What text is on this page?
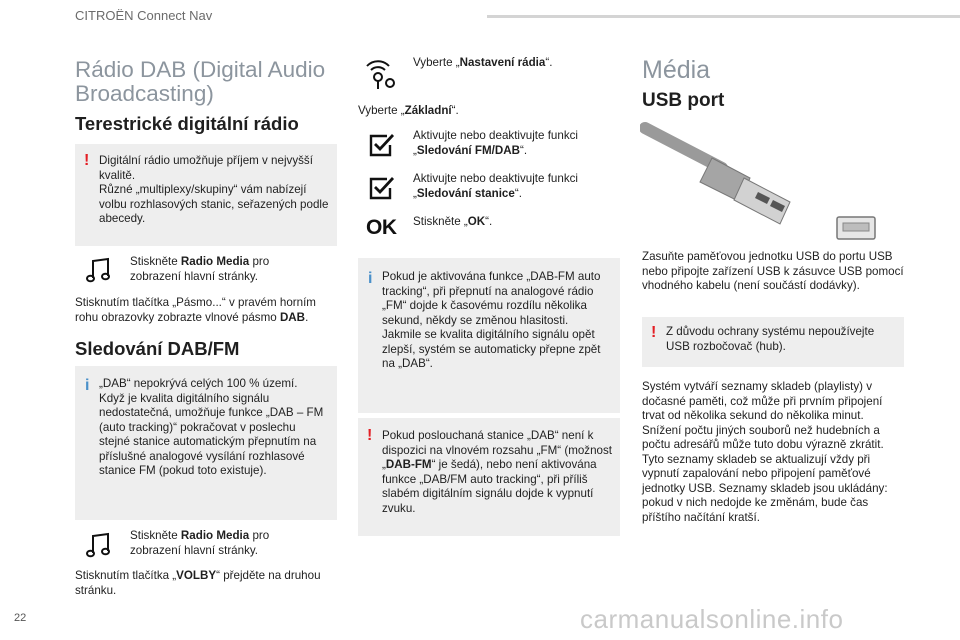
CITROËN Connect Nav
Rádio DAB (Digital Audio Broadcasting)
Terestrické digitální rádio
! Digitální rádio umožňuje příjem v nejvyšší kvalitě.
Různé „multiplexy/skupiny“ vám nabízejí volbu rozhlasových stanic, seřazených podle abecedy.
Stiskněte Radio Media pro zobrazení hlavní stránky.
Stisknutím tlačítka „Pásmo...“ v pravém horním rohu obrazovky zobrazte vlnové pásmo DAB.
Sledování DAB/FM
i „DAB“ nepokrývá celých 100 % území.
Když je kvalita digitálního signálu nedostatečná, umožňuje funkce „DAB – FM (auto tracking)“ pokračovat v poslechu stejné stanice automatickým přepnutím na příslušné analogové vysílání rozhlasové stanice FM (pokud toto existuje).
Stiskněte Radio Media pro zobrazení hlavní stránky.
Stisknutím tlačítka „VOLBY“ přejděte na druhou stránku.
Vyberte „Nastavení rádia“.
Vyberte „Základní“.
Aktivujte nebo deaktivujte funkci „Sledování FM/DAB“.
Aktivujte nebo deaktivujte funkci „Sledování stanice“.
OK Stiskněte „OK“.
i Pokud je aktivována funkce „DAB-FM auto tracking“, při přepnutí na analogové rádio „FM“ dojde k časovému rozdílu několika sekund, někdy se změnou hlasitosti.
Jakmile se kvalita digitálního signálu opět zlepší, systém se automaticky přepne zpět na „DAB“.
! Pokud poslouchaná stanice „DAB“ není k dispozici na vlnovém rozsahu „FM“ (možnost „DAB-FM“ je šedá), nebo není aktivována funkce „DAB/FM auto tracking“, při příliš slabém digitálním signálu dojde k vypnutí zvuku.
Média
USB port
Zasuňte paměťovou jednotku USB do portu USB nebo připojte zařízení USB k zásuvce USB pomocí vhodného kabelu (není součástí dodávky).
! Z důvodu ochrany systému nepoužívejte USB rozbočovač (hub).
Systém vytváří seznamy skladeb (playlisty) v dočasné paměti, což může při prvním připojení trvat od několika sekund do několika minut.
Snížení počtu jiných souborů než hudebních a počtu adresářů může tuto dobu výrazně zkrátit.
Tyto seznamy skladeb se aktualizují vždy při vypnutí zapalování nebo připojení paměťové jednotky USB. Seznamy skladeb jsou ukládány: pokud v nich nedojde ke změnám, bude čas příštího načítání kratší.
22	carmanualsonline.info
